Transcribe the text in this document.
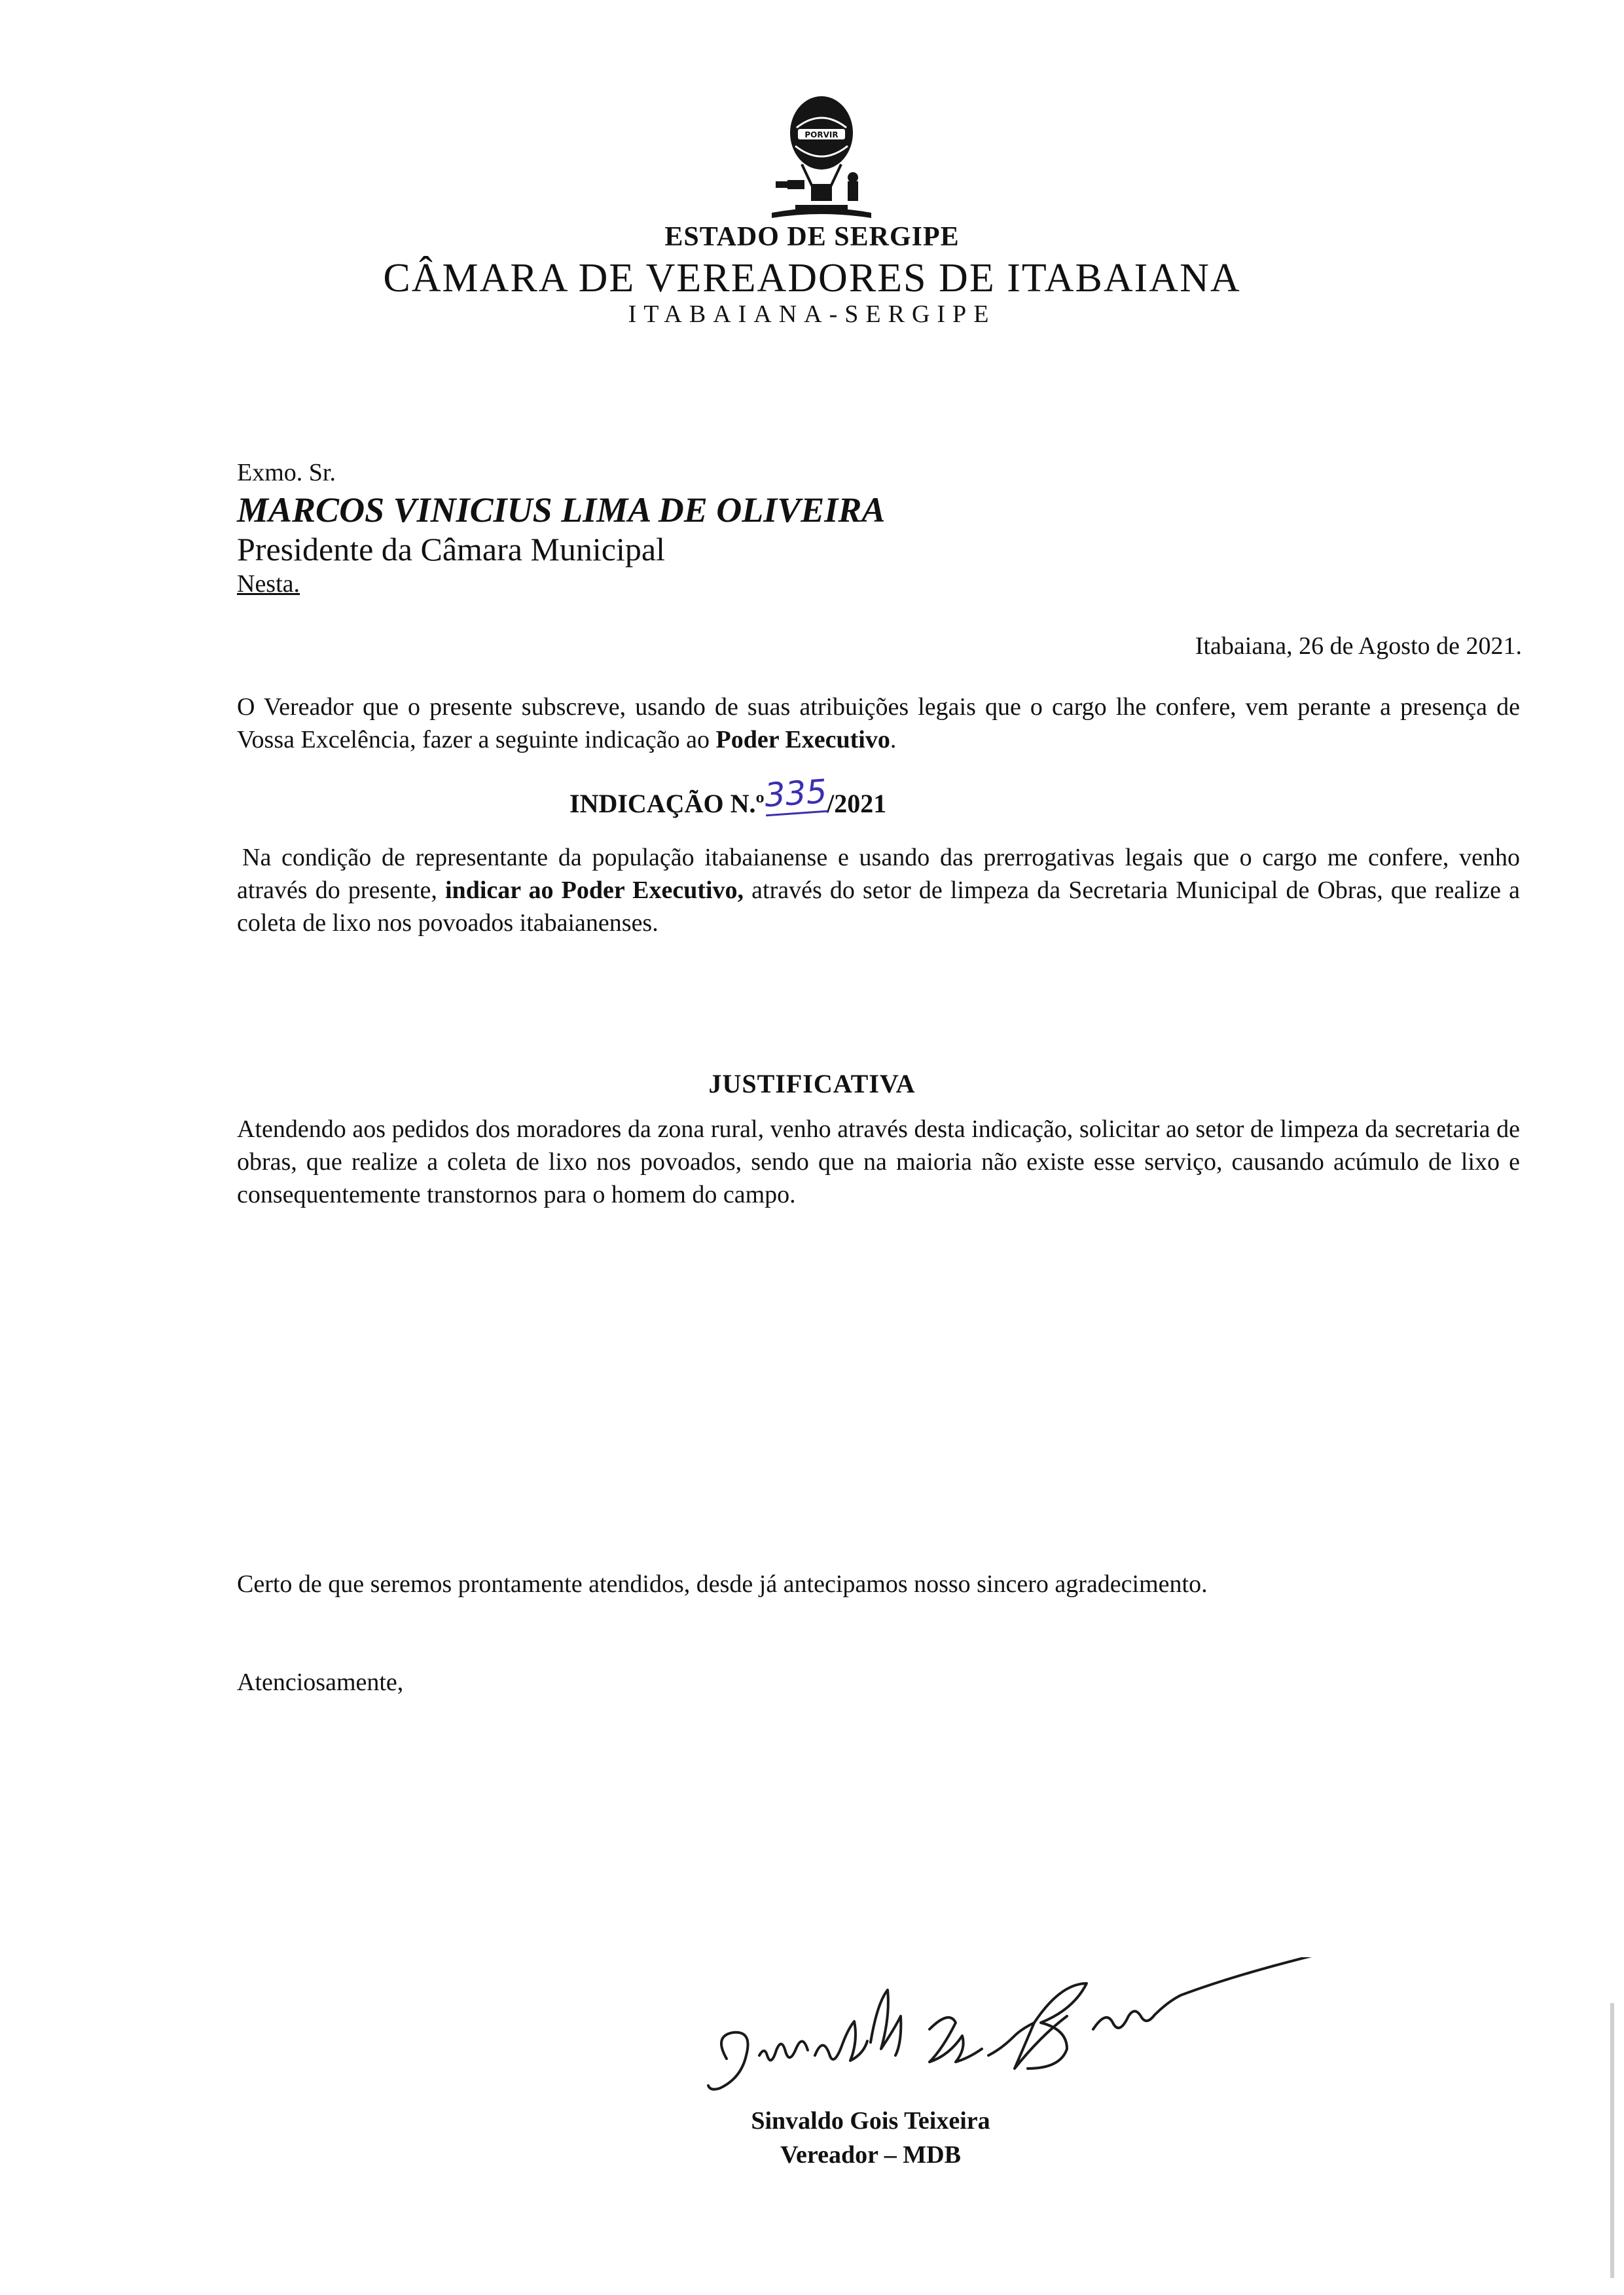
PORVIR
ESTADO DE SERGIPE
CÂMARA DE VEREADORES DE ITABAIANA
ITABAIANA-SERGIPE
Exmo. Sr.
MARCOS VINICIUS LIMA DE OLIVEIRA
Presidente da Câmara Municipal
Nesta.
Itabaiana, 26 de Agosto de 2021.
O Vereador que o presente subscreve, usando de suas atribuições legais que o cargo lhe confere, vem perante a presença de Vossa Excelência, fazer a seguinte indicação ao Poder Executivo.
INDICAÇÃO N.º335/2021
Na condição de representante da população itabaianense e usando das prerrogativas legais que o cargo me confere, venho através do presente, indicar ao Poder Executivo, através do setor de limpeza da Secretaria Municipal de Obras, que realize a coleta de lixo nos povoados itabaianenses.
JUSTIFICATIVA
Atendendo aos pedidos dos moradores da zona rural, venho através desta indicação, solicitar ao setor de limpeza da secretaria de obras, que realize a coleta de lixo nos povoados, sendo que na maioria não existe esse serviço, causando acúmulo de lixo e consequentemente transtornos para o homem do campo.
Certo de que seremos prontamente atendidos, desde já antecipamos nosso sincero agradecimento.
Atenciosamente,
Sinvaldo Gois Teixeira
Vereador – MDB
